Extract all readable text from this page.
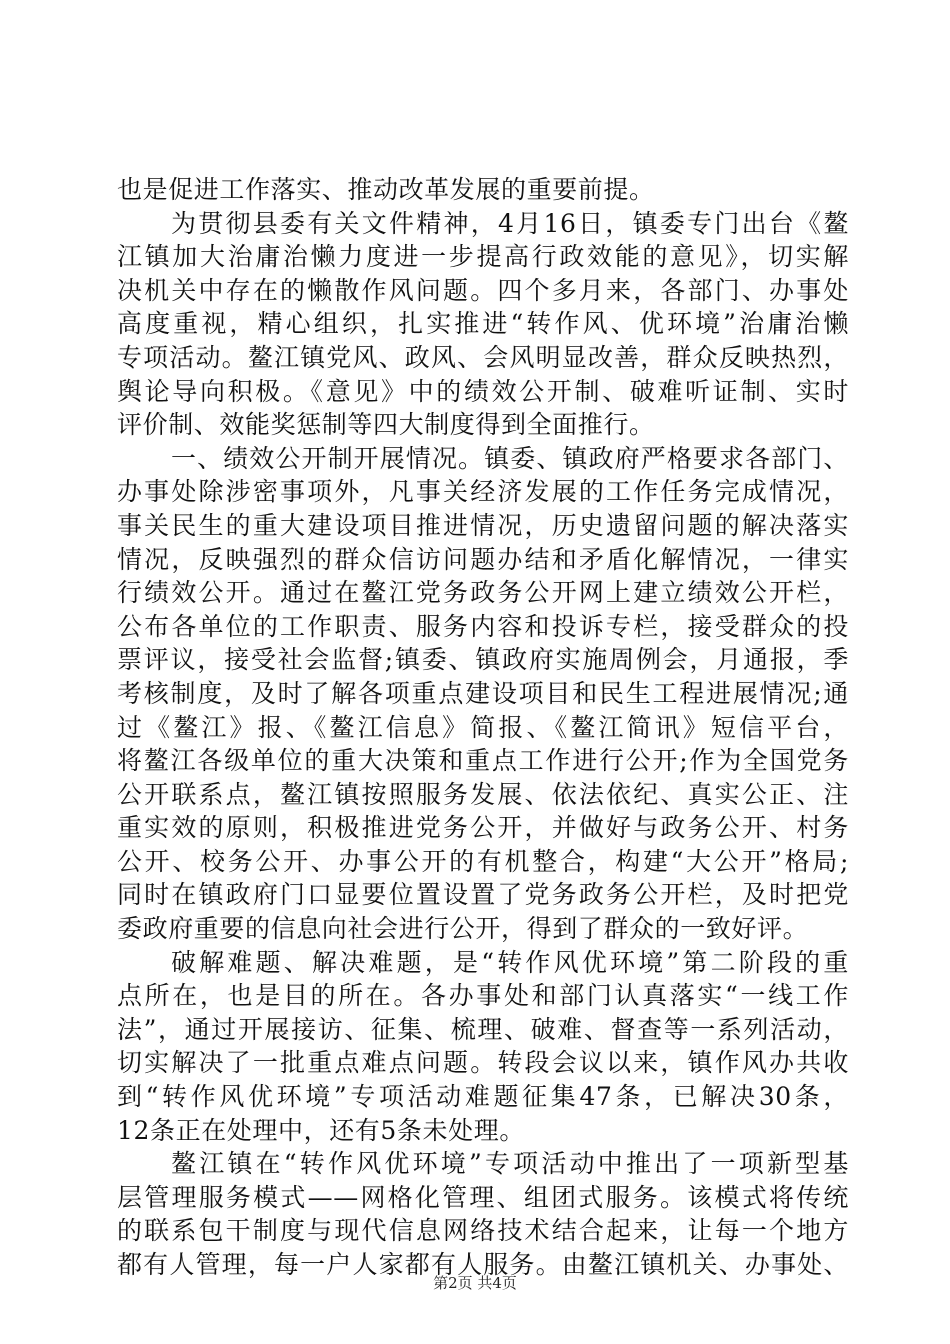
也是促进工作落实、推动改革发展的重要前提。
为贯彻县委有关文件精神，4月16日，镇委专门出台《鳌
江镇加大治庸治懒力度进一步提高行政效能的意见》，切实解
决机关中存在的懒散作风问题。四个多月来，各部门、办事处
高度重视，精心组织，扎实推进“转作风、优环境”治庸治懒
专项活动。鳌江镇党风、政风、会风明显改善，群众反映热烈，
舆论导向积极。《意见》中的绩效公开制、破难听证制、实时
评价制、效能奖惩制等四大制度得到全面推行。
一、绩效公开制开展情况。镇委、镇政府严格要求各部门、
办事处除涉密事项外，凡事关经济发展的工作任务完成情况，
事关民生的重大建设项目推进情况，历史遗留问题的解决落实
情况，反映强烈的群众信访问题办结和矛盾化解情况，一律实
行绩效公开。通过在鳌江党务政务公开网上建立绩效公开栏，
公布各单位的工作职责、服务内容和投诉专栏，接受群众的投
票评议，接受社会监督;镇委、镇政府实施周例会，月通报，季
考核制度，及时了解各项重点建设项目和民生工程进展情况;通
过《鳌江》报、《鳌江信息》简报、《鳌江简讯》短信平台，
将鳌江各级单位的重大决策和重点工作进行公开;作为全国党务
公开联系点，鳌江镇按照服务发展、依法依纪、真实公正、注
重实效的原则，积极推进党务公开，并做好与政务公开、村务
公开、校务公开、办事公开的有机整合，构建“大公开”格局;
同时在镇政府门口显要位置设置了党务政务公开栏，及时把党
委政府重要的信息向社会进行公开，得到了群众的一致好评。
破解难题、解决难题，是“转作风优环境”第二阶段的重
点所在，也是目的所在。各办事处和部门认真落实“一线工作
法”，通过开展接访、征集、梳理、破难、督查等一系列活动，
切实解决了一批重点难点问题。转段会议以来，镇作风办共收
到“转作风优环境”专项活动难题征集47条，已解决30条，
12条正在处理中，还有5条未处理。
鳌江镇在“转作风优环境”专项活动中推出了一项新型基
层管理服务模式——网格化管理、组团式服务。该模式将传统
的联系包干制度与现代信息网络技术结合起来，让每一个地方
都有人管理，每一户人家都有人服务。由鳌江镇机关、办事处、
第2页 共4页
